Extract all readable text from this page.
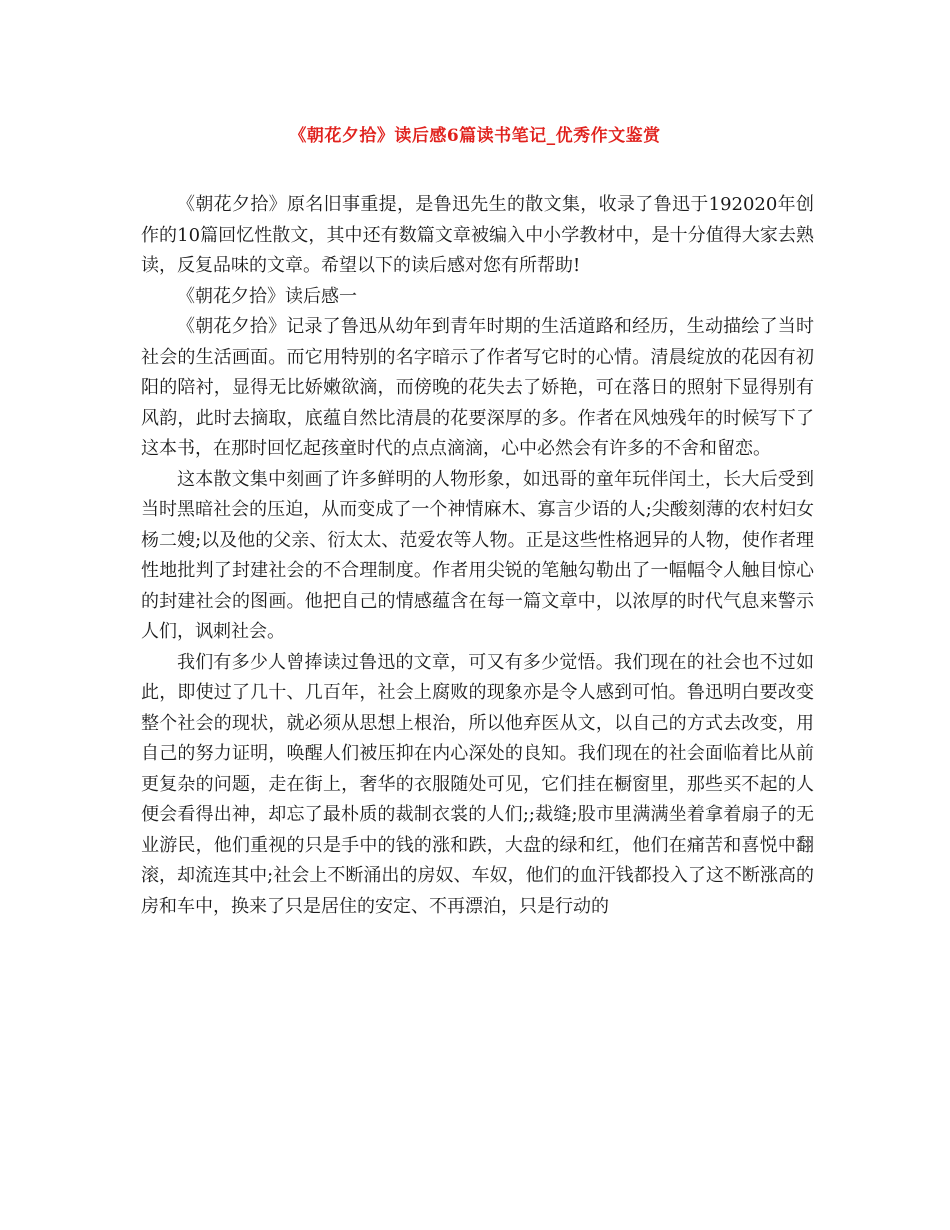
《朝花夕拾》读后感6篇读书笔记_优秀作文鉴赏

《朝花夕拾》原名旧事重提，是鲁迅先生的散文集，收录了鲁迅于192020年创作的10篇回忆性散文，其中还有数篇文章被编入中小学教材中，是十分值得大家去熟读，反复品味的文章。希望以下的读后感对您有所帮助!

《朝花夕拾》读后感一

《朝花夕拾》记录了鲁迅从幼年到青年时期的生活道路和经历，生动描绘了当时社会的生活画面。而它用特别的名字暗示了作者写它时的心情。清晨绽放的花因有初阳的陪衬，显得无比娇嫩欲滴，而傍晚的花失去了娇艳，可在落日的照射下显得别有风韵，此时去摘取，底蕴自然比清晨的花要深厚的多。作者在风烛残年的时候写下了这本书，在那时回忆起孩童时代的点点滴滴，心中必然会有许多的不舍和留恋。

这本散文集中刻画了许多鲜明的人物形象，如迅哥的童年玩伴闰土，长大后受到当时黑暗社会的压迫，从而变成了一个神情麻木、寡言少语的人;尖酸刻薄的农村妇女杨二嫂;以及他的父亲、衍太太、范爱农等人物。正是这些性格迥异的人物，使作者理性地批判了封建社会的不合理制度。作者用尖锐的笔触勾勒出了一幅幅令人触目惊心的封建社会的图画。他把自己的情感蕴含在每一篇文章中，以浓厚的时代气息来警示人们，讽刺社会。

我们有多少人曾捧读过鲁迅的文章，可又有多少觉悟。我们现在的社会也不过如此，即使过了几十、几百年，社会上腐败的现象亦是令人感到可怕。鲁迅明白要改变整个社会的现状，就必须从思想上根治，所以他弃医从文，以自己的方式去改变，用自己的努力证明，唤醒人们被压抑在内心深处的良知。我们现在的社会面临着比从前更复杂的问题，走在街上，奢华的衣服随处可见，它们挂在橱窗里，那些买不起的人便会看得出神，却忘了最朴质的裁制衣裳的人们;;裁缝;股市里满满坐着拿着扇子的无业游民，他们重视的只是手中的钱的涨和跌，大盘的绿和红，他们在痛苦和喜悦中翻滚，却流连其中;社会上不断涌出的房奴、车奴，他们的血汗钱都投入了这不断涨高的房和车中，换来了只是居住的安定、不再漂泊，只是行动的
